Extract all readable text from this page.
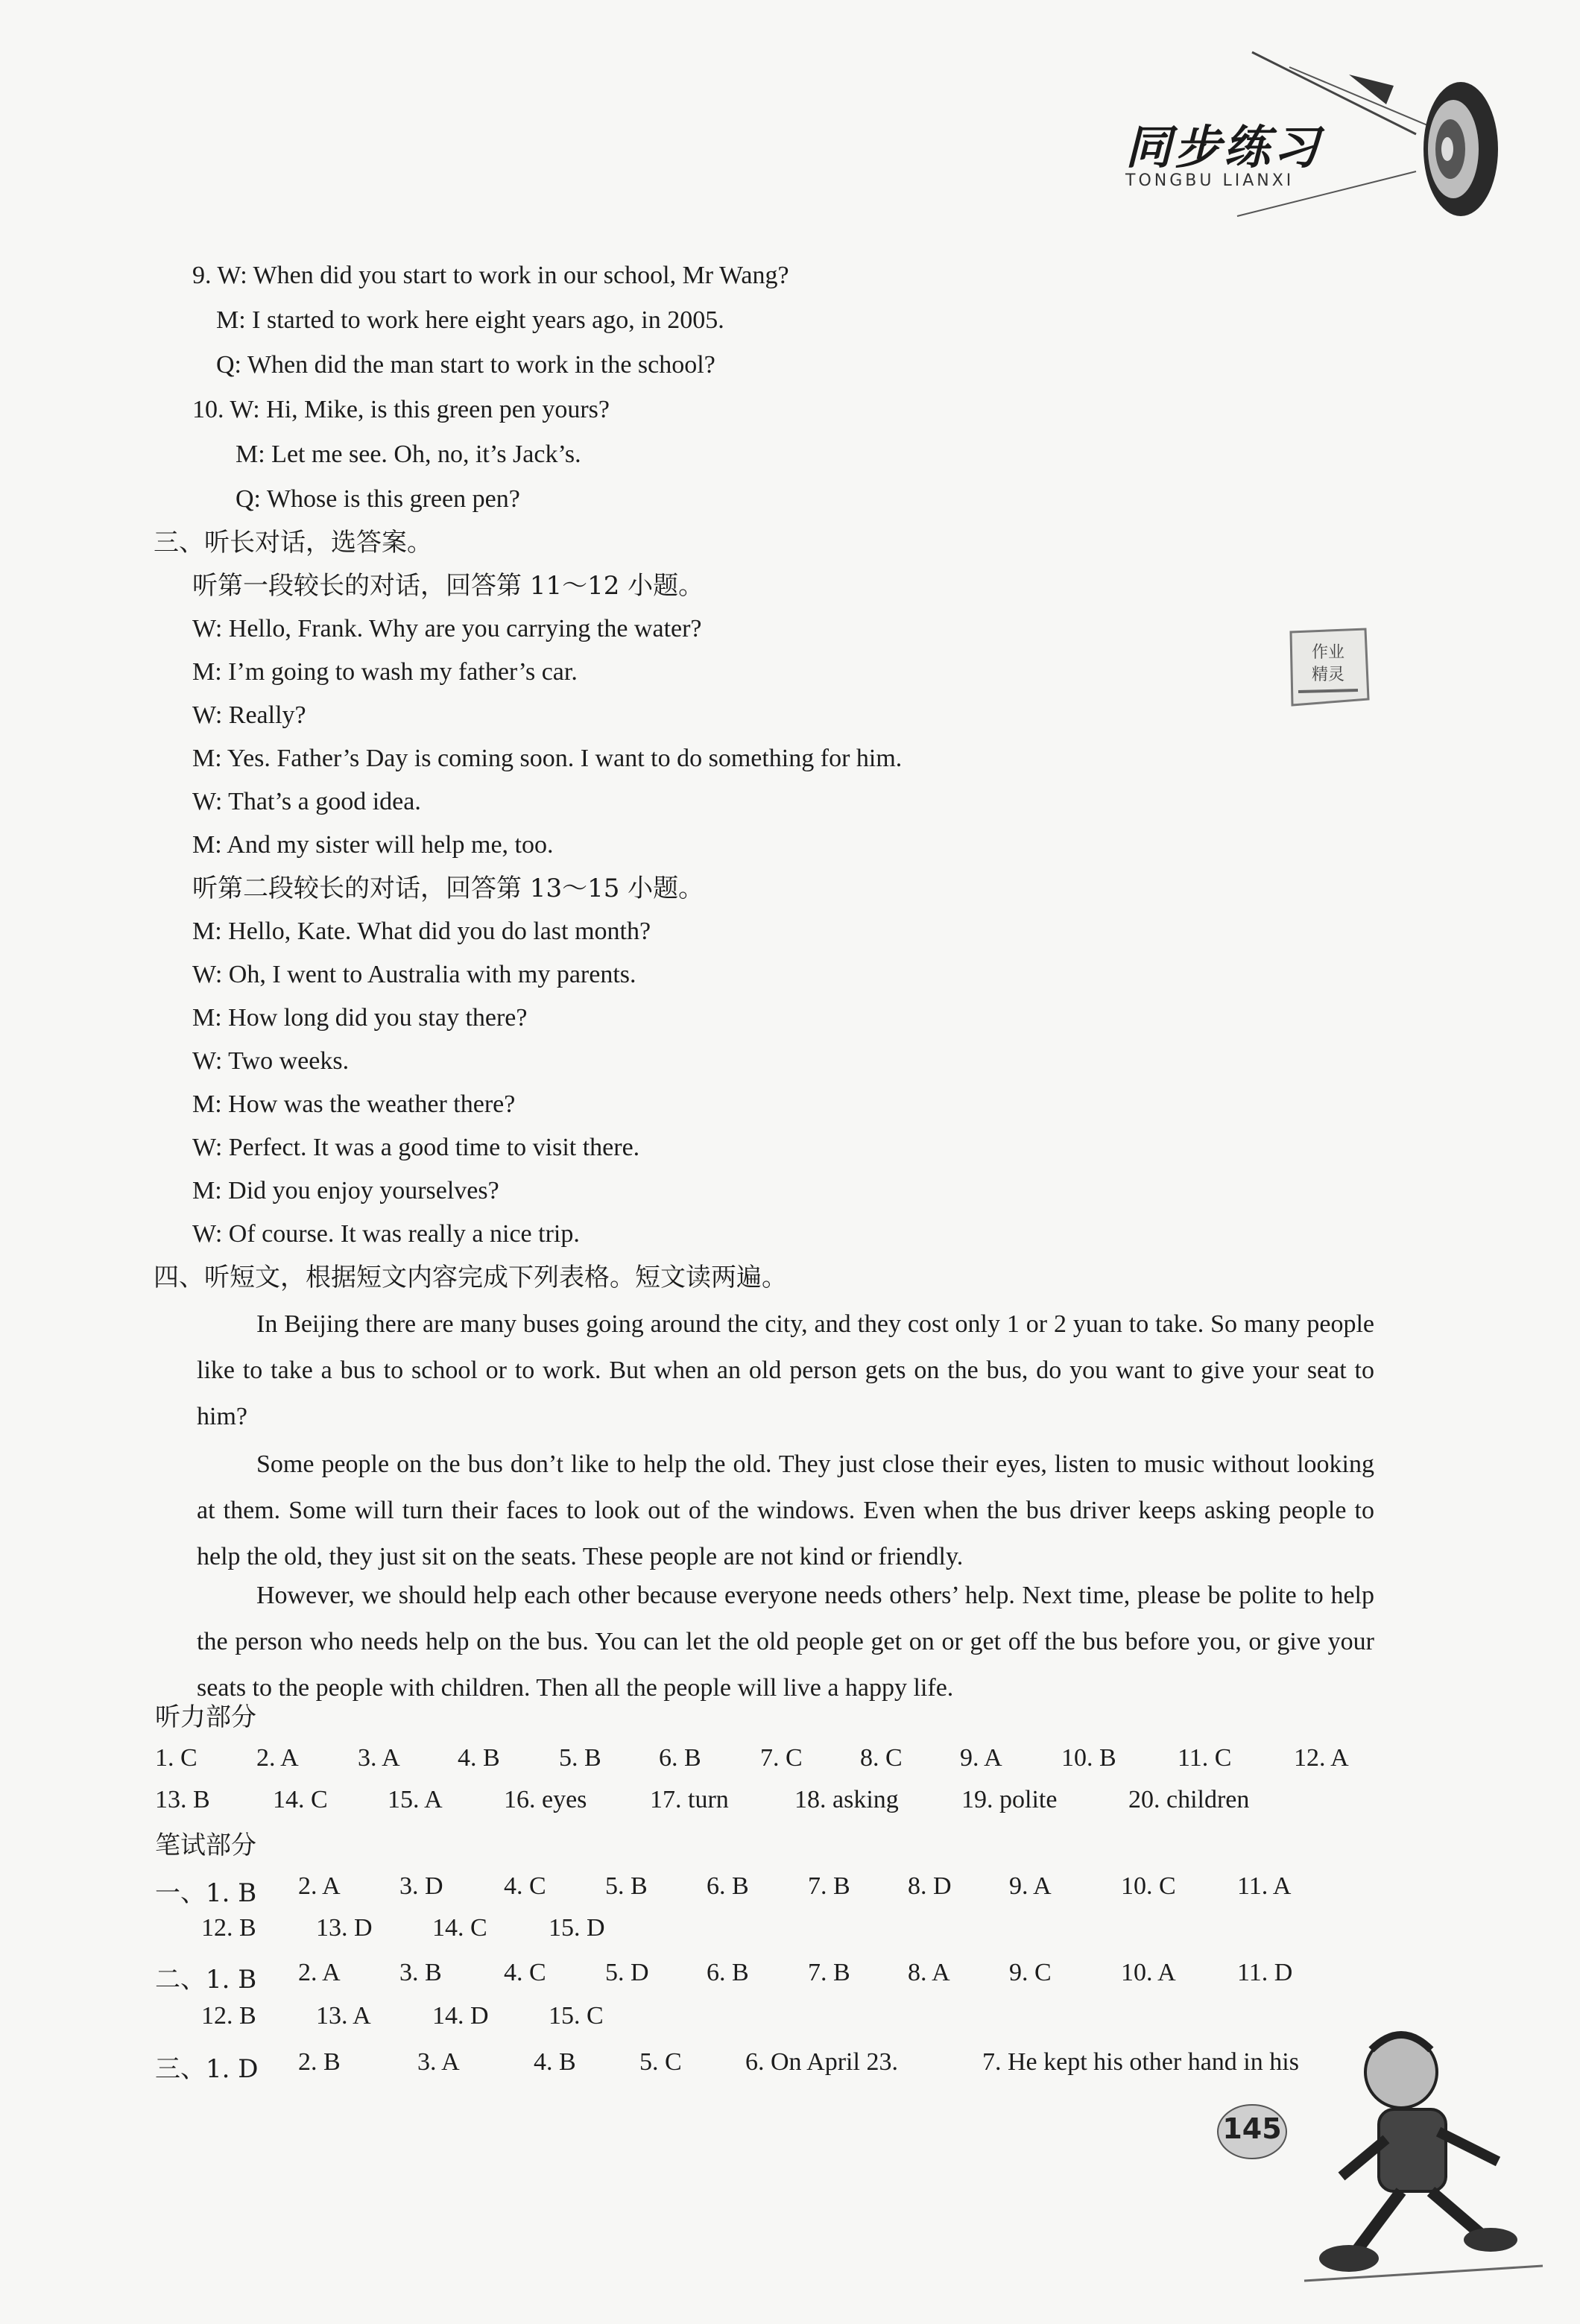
同步练习
TONGBU LIANXI
9. W: When did you start to work in our school, Mr Wang?
M: I started to work here eight years ago, in 2005.
Q: When did the man start to work in the school?
10. W: Hi, Mike, is this green pen yours?
M: Let me see. Oh, no, it’s Jack’s.
Q: Whose is this green pen?
三、听长对话，选答案。
听第一段较长的对话，回答第 11～12 小题。
W: Hello, Frank. Why are you carrying the water?
M: I’m going to wash my father’s car.
W: Really?
M: Yes. Father’s Day is coming soon. I want to do something for him.
W: That’s a good idea.
M: And my sister will help me, too.
听第二段较长的对话，回答第 13～15 小题。
M: Hello, Kate. What did you do last month?
W: Oh, I went to Australia with my parents.
M: How long did you stay there?
W: Two weeks.
M: How was the weather there?
W: Perfect. It was a good time to visit there.
M: Did you enjoy yourselves?
W: Of course. It was really a nice trip.
四、听短文，根据短文内容完成下列表格。短文读两遍。
In Beijing there are many buses going around the city, and they cost only 1 or 2 yuan to take. So many people like to take a bus to school or to work. But when an old person gets on the bus, do you want to give your seat to him?
Some people on the bus don’t like to help the old. They just close their eyes, listen to music without looking at them. Some will turn their faces to look out of the windows. Even when the bus driver keeps asking people to help the old, they just sit on the seats. These people are not kind or friendly.
However, we should help each other because everyone needs others’ help. Next time, please be polite to help the person who needs help on the bus. You can let the old people get on or get off the bus before you, or give your seats to the people with children. Then all the people will live a happy life.
听力部分
1. C 2. A 3. A 4. B 5. B 6. B 7. C 8. C 9. A 10. B 11. C 12. A
13. B 14. C 15. A 16. eyes 17. turn	18. asking 19. polite	20. children
笔试部分
一、1. B 2. A 3. D 4. C 5. B 6. B 7. B 8. D 9. A	10. C 11. A
12. B 13. D 14. C 15. D
二、1. B 2. A 3. B 4. C 5. D 6. B 7. B 8. A 9. C	10. A 11. D
12. B 13. A 14. D 15. C
三、1. D 2. B	3. A	4. B	5. C	6. On April 23.	7. He kept his other hand in his
作业
精灵
145
